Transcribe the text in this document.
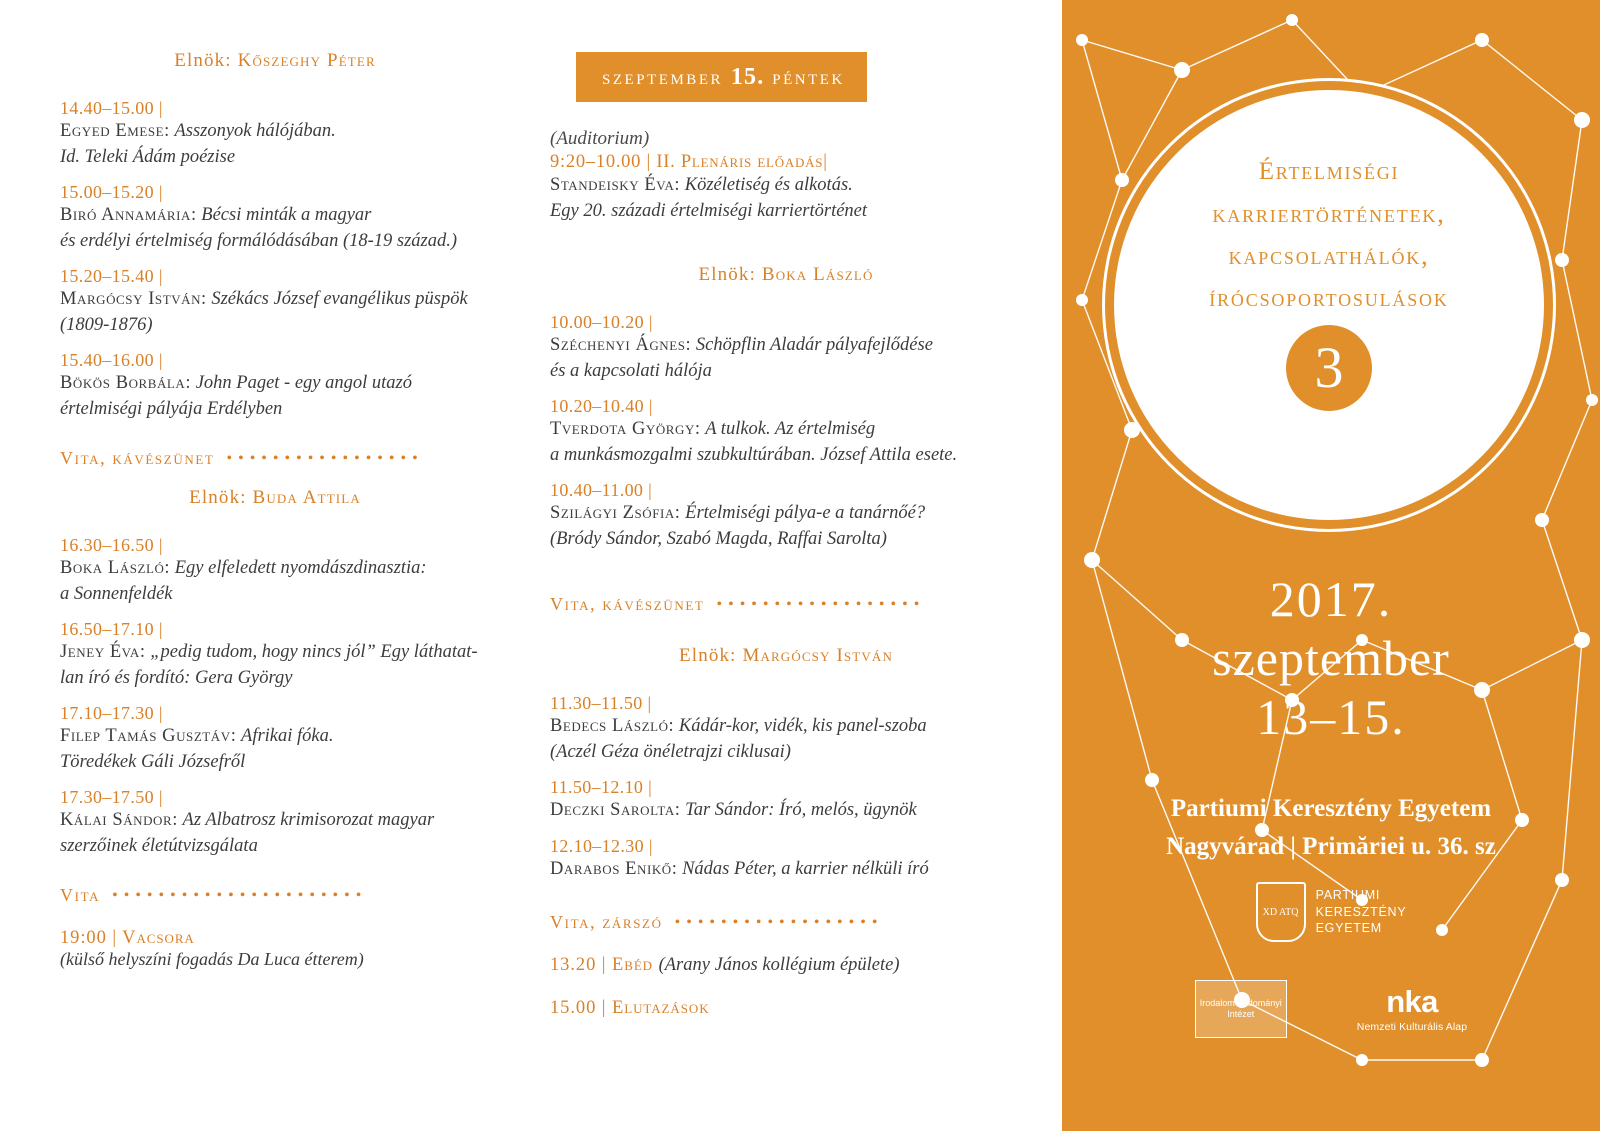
Elnök: Kőszeghy Péter
14.40–15.00 |
Egyed Emese: Asszonyok hálójában.
Id. Teleki Ádám poézise
15.00–15.20 |
Biró Annamária: Bécsi minták a magyar
és erdélyi értelmiség formálódásában (18-19 század.)
15.20–15.40 |
Margócsy István: Székács József evangélikus püspök
(1809-1876)
15.40–16.00 |
Bökös Borbála: John Paget - egy angol utazó
értelmiségi pályája Erdélyben
Vita, kávészünet •••••••••••••••••
Elnök: Buda Attila
16.30–16.50 |
Boka László: Egy elfeledett nyomdászdinasztia:
a Sonnenfeldék
16.50–17.10 |
Jeney Éva: „pedig tudom, hogy nincs jól” Egy láthatat-
lan író és fordító: Gera György
17.10–17.30 |
Filep Tamás Gusztáv: Afrikai fóka.
Töredékek Gáli Józsefről
17.30–17.50 |
Kálai Sándor: Az Albatrosz krimisorozat magyar
szerzőinek életútvizsgálata
Vita ••••••••••••••••••••••
19:00 | Vacsora
(külső helyszíni fogadás Da Luca étterem)
szeptember 15. péntek
(Auditorium)
9:20–10.00 | II. Plenáris előadás|
Standeisky Éva: Közéletiség és alkotás.
Egy 20. századi értelmiségi karriertörténet
Elnök: Boka László
10.00–10.20 |
Széchenyi Ágnes: Schöpflin Aladár pályafejlődése
és a kapcsolati hálója
10.20–10.40 |
Tverdota György: A tulkok. Az értelmiség
a munkásmozgalmi szubkultúrában. József Attila esete.
10.40–11.00 |
Szilágyi Zsófia: Értelmiségi pálya-e a tanárnőé?
(Bródy Sándor, Szabó Magda, Raffai Sarolta)
Vita, kávészünet ••••••••••••••••••
Elnök: Margócsy István
11.30–11.50 |
Bedecs László: Kádár-kor, vidék, kis panel-szoba
(Aczél Géza önéletrajzi ciklusai)
11.50–12.10 |
Deczki Sarolta: Tar Sándor: Író, melós, ügynök
12.10–12.30 |
Darabos Enikő: Nádas Péter, a karrier nélküli író
Vita, zárszó ••••••••••••••••••
13.20 | Ebéd (Arany János kollégium épülete)
15.00 | Elutazások
Értelmiségi
karriertörténetek,
kapcsolathálók,
írócsoportosulások
3
2017.
szeptember
13–15.
Partiumi Keresztény Egyetem
Nagyvárad | Primăriei u. 36. sz
XD ATQ
PARTIUMI
KERESZTÉNY
EGYETEM
Irodalom- tudományi Intézet	nka
Nemzeti Kulturális Alap
